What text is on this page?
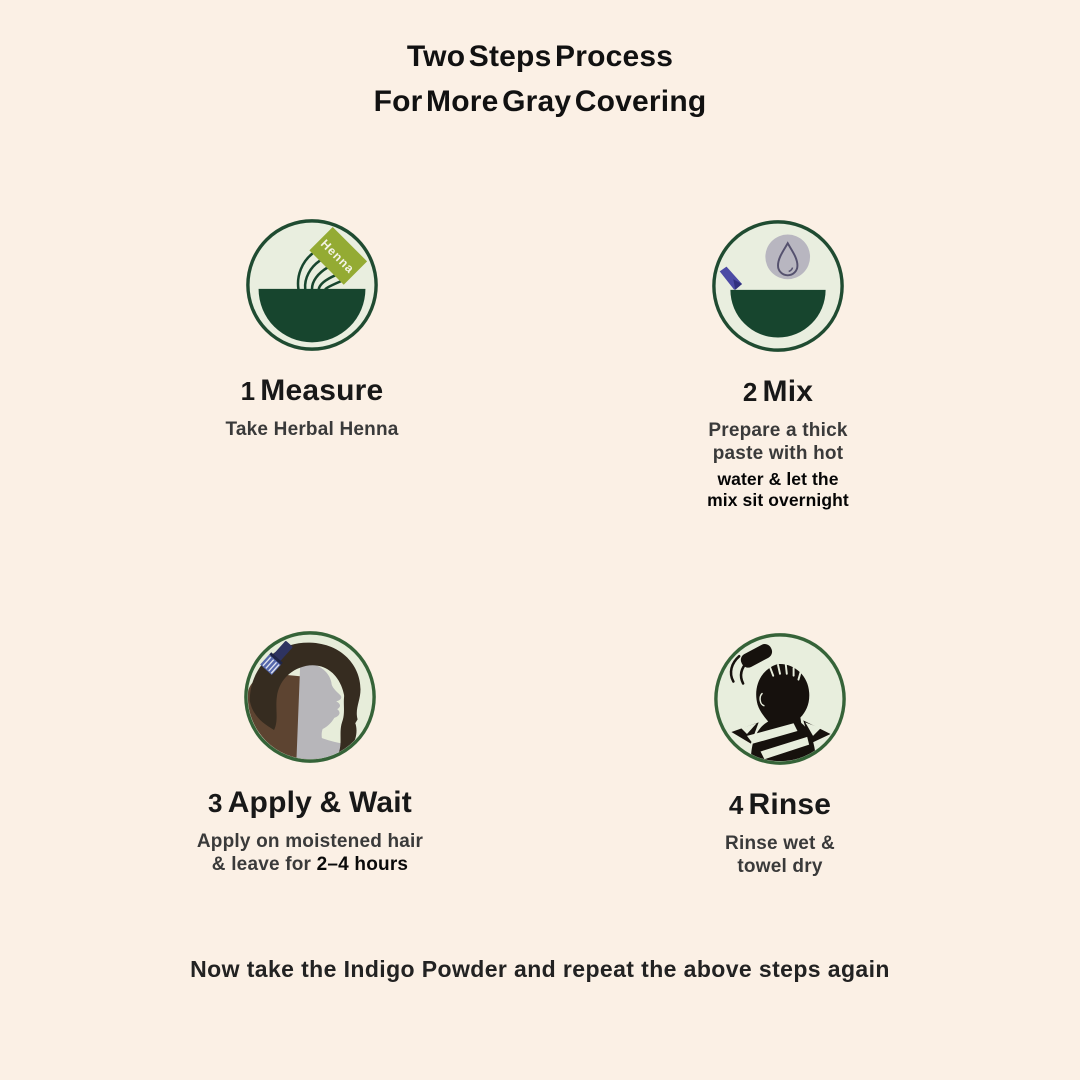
Two Steps Process
For More Gray Covering
Henna
1 Measure
Take Herbal Henna
2 Mix
Prepare a thick
paste with hot
water & let the
mix sit overnight
3 Apply & Wait
Apply on moistened hair
& leave for 2–4 hours
4 Rinse
Rinse wet &
towel dry
Now take the Indigo Powder and repeat the above steps again
